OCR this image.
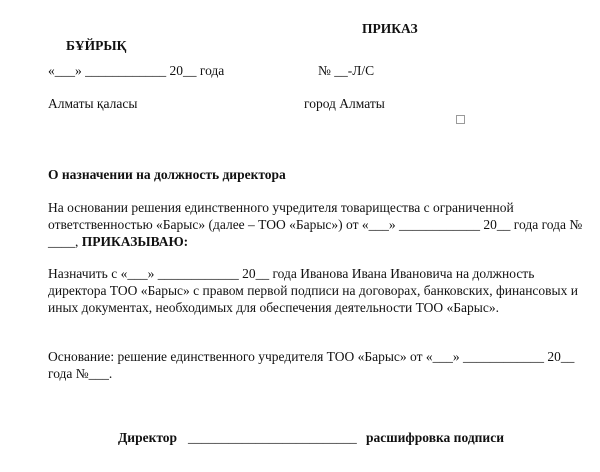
ПРИКАЗ
БҰЙРЫҚ
«___» ____________ 20__ года	№ __-Л/С
Алматы қаласы	город Алматы
О назначении на должность директора
На основании решения единственного учредителя товарищества с ограниченной ответственностью «Барыс» (далее – ТОО «Барыс») от «___» ____________ 20__ года года № ____, ПРИКАЗЫВАЮ:
Назначить с «___» ____________ 20__ года Иванова Ивана Ивановича на должность директора ТОО «Барыс» с правом первой подписи на договорах, банковских, финансовых и иных документах, необходимых для обеспечения деятельности ТОО «Барыс».
Основание: решение единственного учредителя ТОО «Барыс» от «___» ____________ 20__ года №___.
Директор _________________________ расшифровка подписи
